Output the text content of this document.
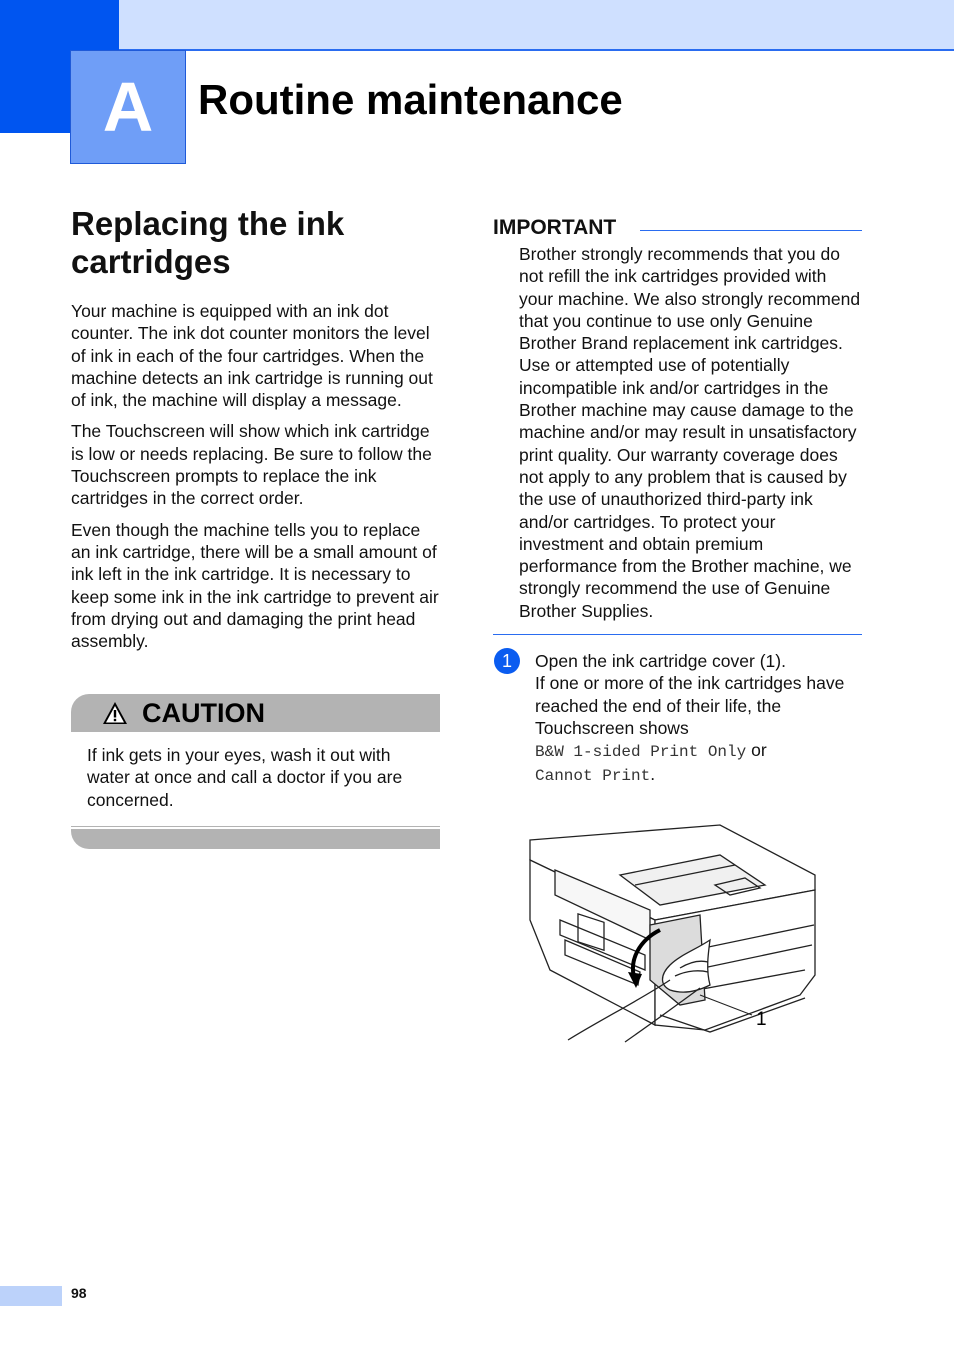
A Routine maintenance
Replacing the ink cartridges

Your machine is equipped with an ink dot counter. The ink dot counter monitors the level of ink in each of the four cartridges. When the machine detects an ink cartridge is running out of ink, the machine will display a message.

The Touchscreen will show which ink cartridge is low or needs replacing. Be sure to follow the Touchscreen prompts to replace the ink cartridges in the correct order.

Even though the machine tells you to replace an ink cartridge, there will be a small amount of ink left in the ink cartridge. It is necessary to keep some ink in the ink cartridge to prevent air from drying out and damaging the print head assembly.

CAUTION
If ink gets in your eyes, wash it out with water at once and call a doctor if you are concerned.
IMPORTANT
Brother strongly recommends that you do not refill the ink cartridges provided with your machine. We also strongly recommend that you continue to use only Genuine Brother Brand replacement ink cartridges. Use or attempted use of potentially incompatible ink and/or cartridges in the Brother machine may cause damage to the machine and/or may result in unsatisfactory print quality. Our warranty coverage does not apply to any problem that is caused by the use of unauthorized third-party ink and/or cartridges. To protect your investment and obtain premium performance from the Brother machine, we strongly recommend the use of Genuine Brother Supplies.
1 Open the ink cartridge cover (1).
If one or more of the ink cartridges have reached the end of their life, the Touchscreen shows
B&W 1-sided Print Only or
Cannot Print.
1
98
